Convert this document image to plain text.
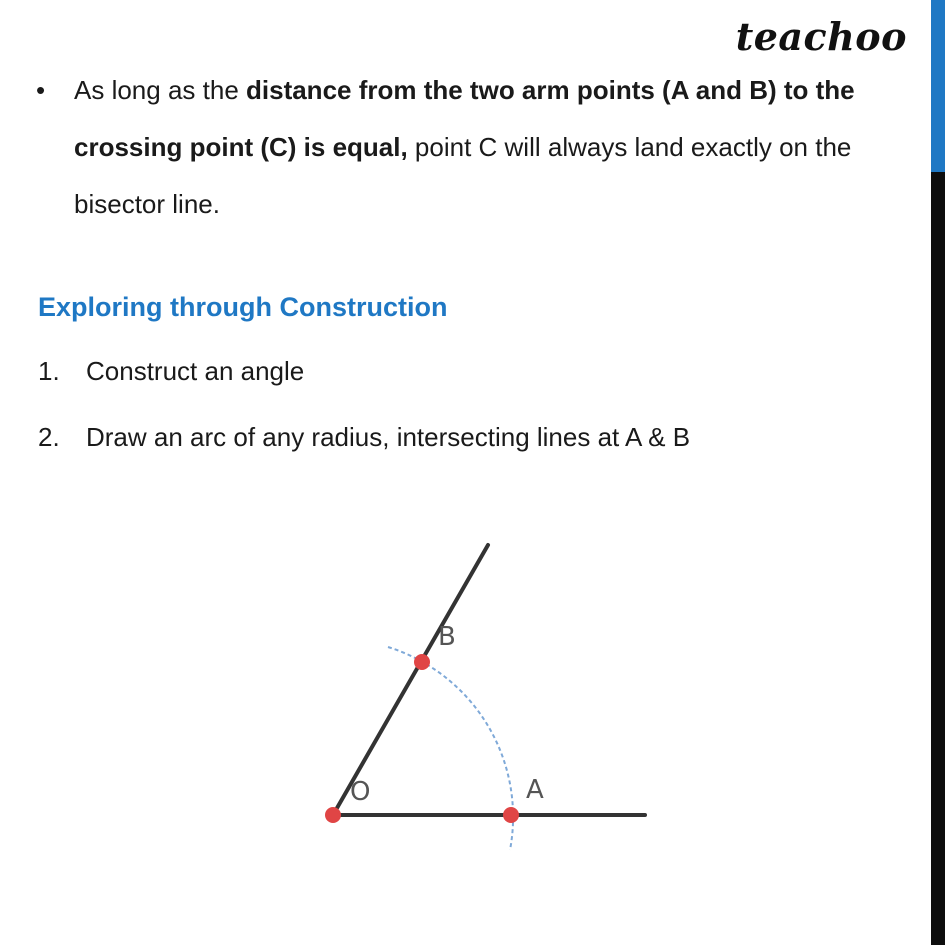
teachoo
• As long as the distance from the two arm points (A and B) to the crossing point (C) is equal, point C will always land exactly on the bisector line.
Exploring through Construction
1. Construct an angle
2. Draw an arc of any radius, intersecting lines at A & B
O	A
B
